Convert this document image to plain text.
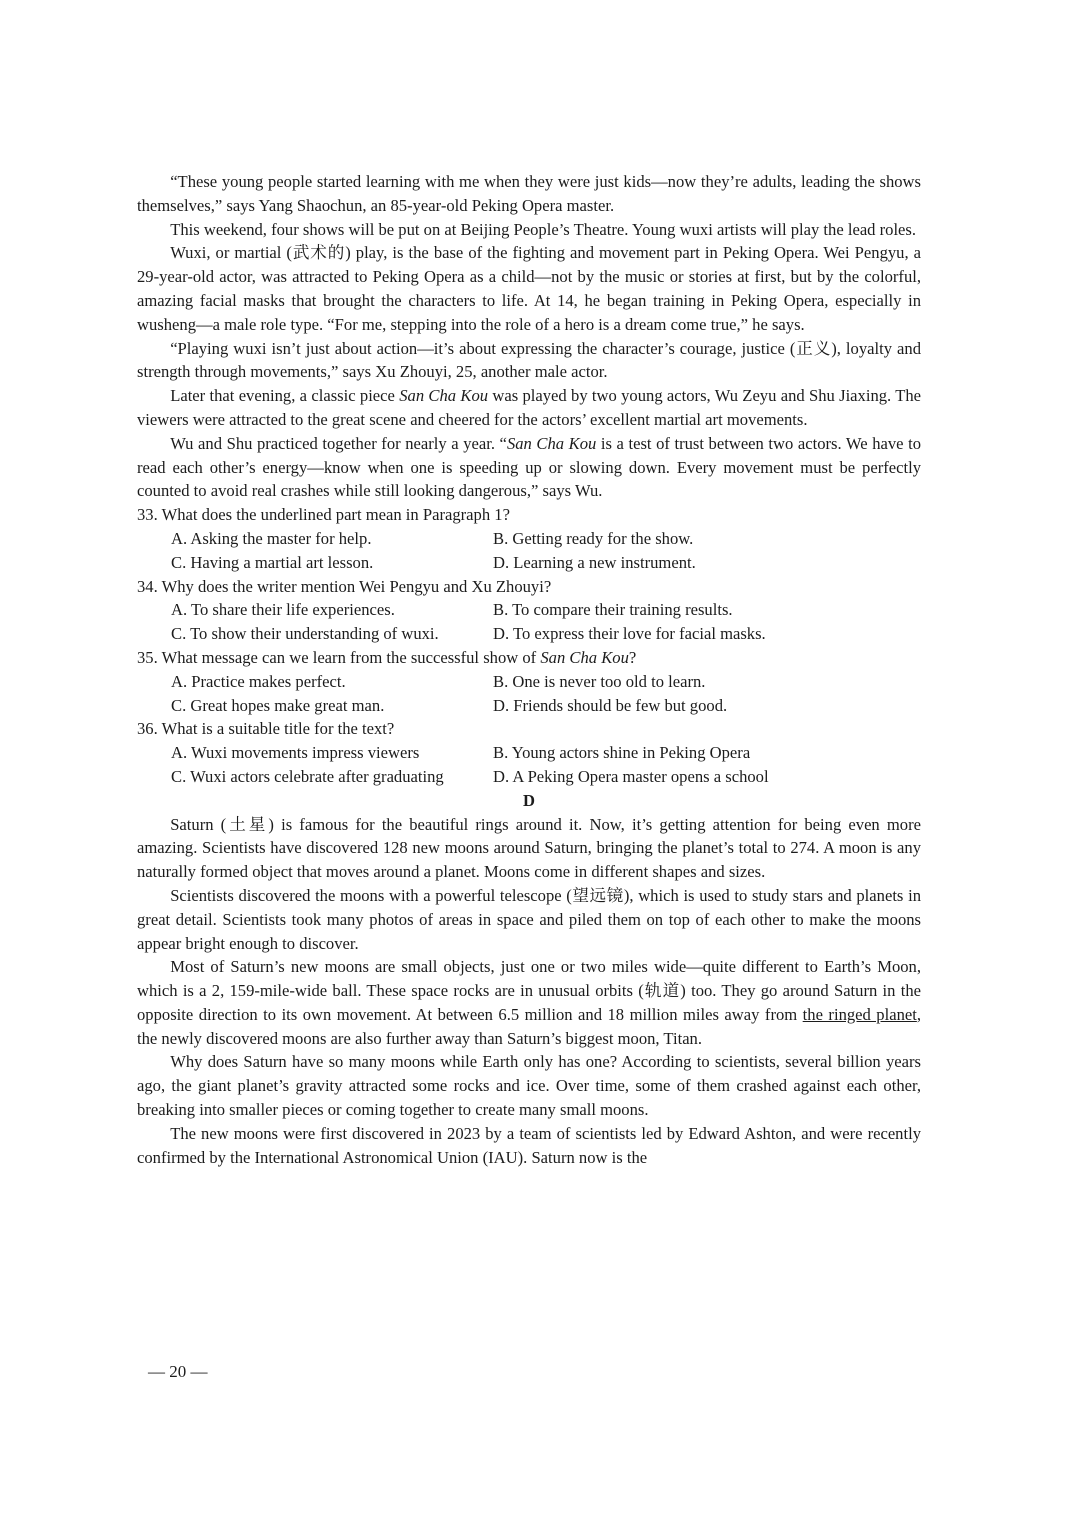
“These young people started learning with me when they were just kids—now they’re adults, leading the shows themselves,” says Yang Shaochun, an 85-year-old Peking Opera master.

This weekend, four shows will be put on at Beijing People’s Theatre. Young wuxi artists will play the lead roles.

Wuxi, or martial (武术的) play, is the base of the fighting and movement part in Peking Opera. Wei Pengyu, a 29-year-old actor, was attracted to Peking Opera as a child—not by the music or stories at first, but by the colorful, amazing facial masks that brought the characters to life. At 14, he began training in Peking Opera, especially in wusheng—a male role type. “For me, stepping into the role of a hero is a dream come true,” he says.

“Playing wuxi isn’t just about action—it’s about expressing the character’s courage, justice (正义), loyalty and strength through movements,” says Xu Zhouyi, 25, another male actor.

Later that evening, a classic piece San Cha Kou was played by two young actors, Wu Zeyu and Shu Jiaxing. The viewers were attracted to the great scene and cheered for the actors’ excellent martial art movements.

Wu and Shu practiced together for nearly a year. “San Cha Kou is a test of trust between two actors. We have to read each other’s energy—know when one is speeding up or slowing down. Every movement must be perfectly counted to avoid real crashes while still looking dangerous,” says Wu.

33. What does the underlined part mean in Paragraph 1?

A. Asking the master for help.	B. Getting ready for the show.
C. Having a martial art lesson.	D. Learning a new instrument.

34. Why does the writer mention Wei Pengyu and Xu Zhouyi?

A. To share their life experiences.	B. To compare their training results.
C. To show their understanding of wuxi.	D. To express their love for facial masks.

35. What message can we learn from the successful show of San Cha Kou?

A. Practice makes perfect.	B. One is never too old to learn.
C. Great hopes make great man.	D. Friends should be few but good.

36. What is a suitable title for the text?

A. Wuxi movements impress viewers	B. Young actors shine in Peking Opera
C. Wuxi actors celebrate after graduating	D. A Peking Opera master opens a school

D

Saturn (土星) is famous for the beautiful rings around it. Now, it’s getting attention for being even more amazing. Scientists have discovered 128 new moons around Saturn, bringing the planet’s total to 274. A moon is any naturally formed object that moves around a planet. Moons come in different shapes and sizes.

Scientists discovered the moons with a powerful telescope (望远镜), which is used to study stars and planets in great detail. Scientists took many photos of areas in space and piled them on top of each other to make the moons appear bright enough to discover.

Most of Saturn’s new moons are small objects, just one or two miles wide—quite different to Earth’s Moon, which is a 2, 159-mile-wide ball. These space rocks are in unusual orbits (轨道) too. They go around Saturn in the opposite direction to its own movement. At between 6.5 million and 18 million miles away from the ringed planet, the newly discovered moons are also further away than Saturn’s biggest moon, Titan.

Why does Saturn have so many moons while Earth only has one? According to scientists, several billion years ago, the giant planet’s gravity attracted some rocks and ice. Over time, some of them crashed against each other, breaking into smaller pieces or coming together to create many small moons.

The new moons were first discovered in 2023 by a team of scientists led by Edward Ashton, and were recently confirmed by the International Astronomical Union (IAU). Saturn now is the

— 20 —
